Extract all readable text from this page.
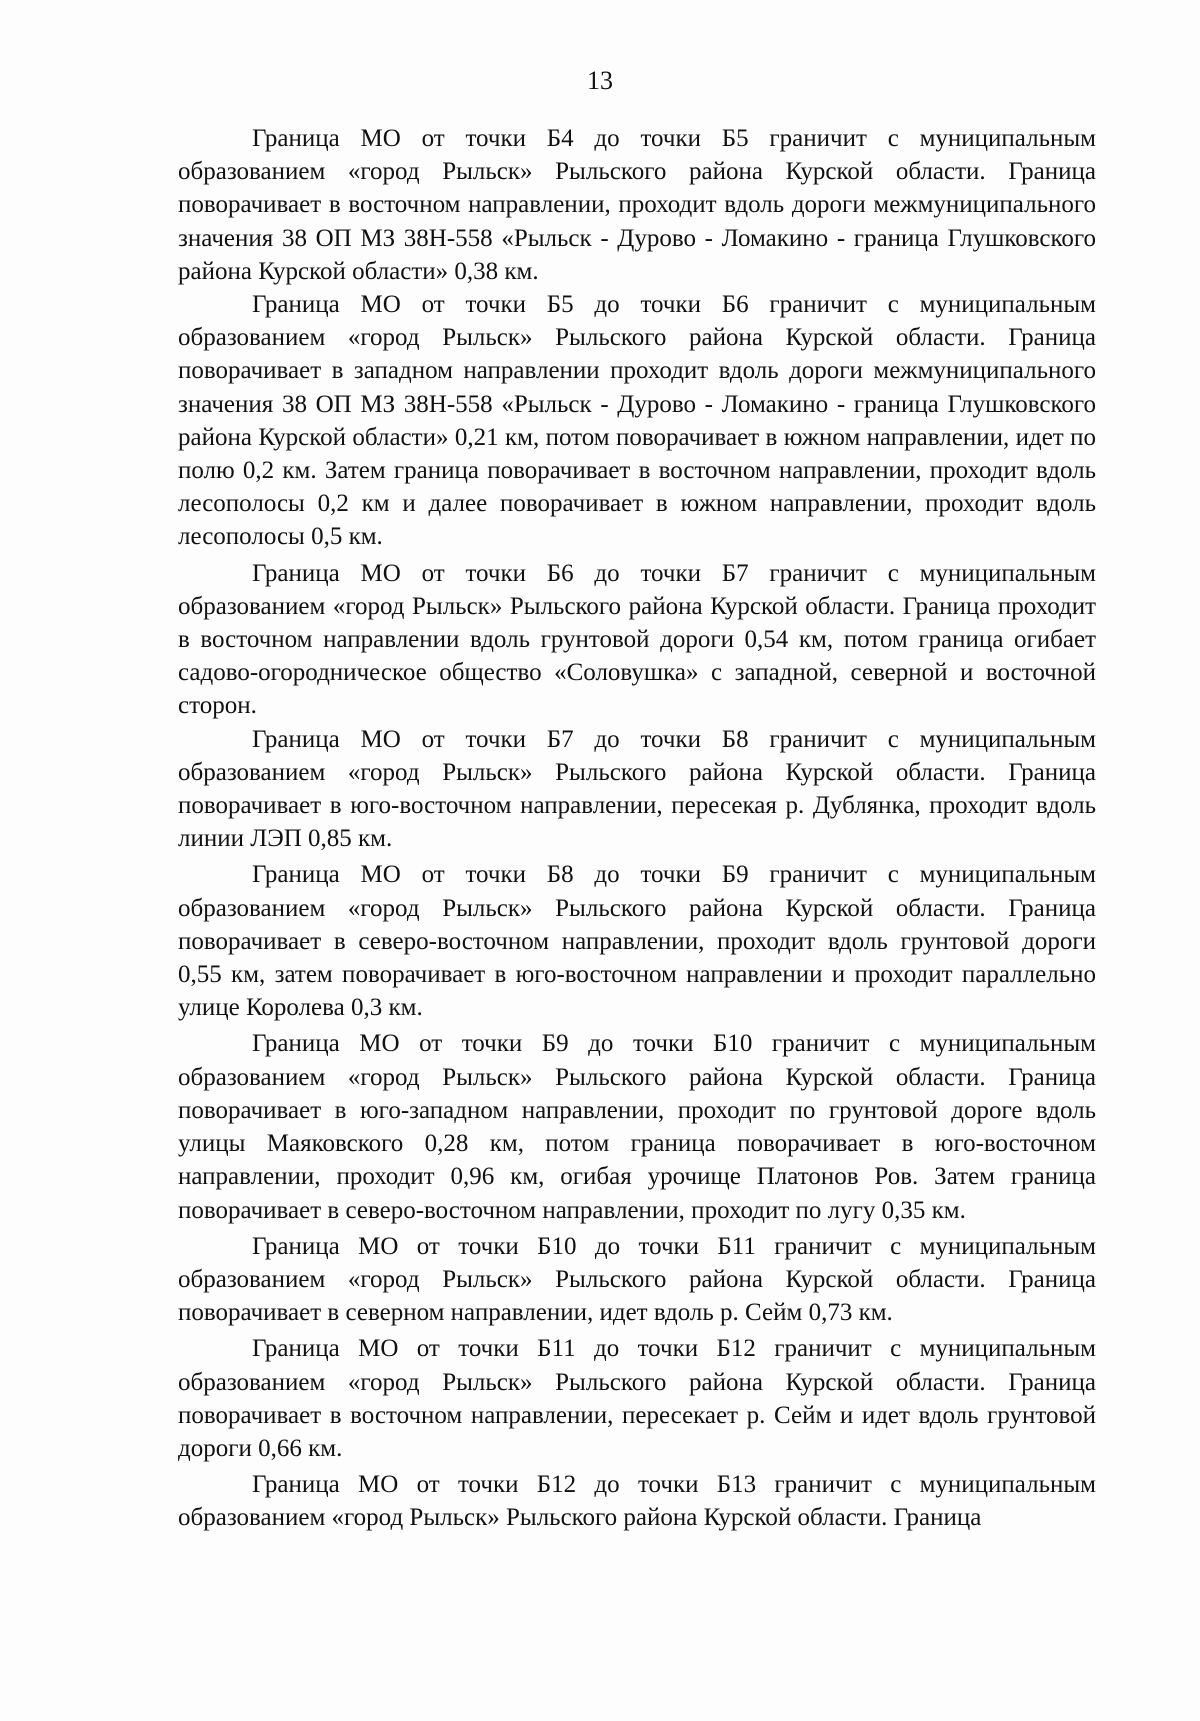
13

Граница МО от точки Б4 до точки Б5 граничит с муниципальным образованием «город Рыльск» Рыльского района Курской области. Граница поворачивает в восточном направлении, проходит вдоль дороги межмуниципального значения 38 ОП МЗ 38Н-558 «Рыльск - Дурово - Ломакино - граница Глушковского района Курской области» 0,38 км.

Граница МО от точки Б5 до точки Б6 граничит с муниципальным образованием «город Рыльск» Рыльского района Курской области. Граница поворачивает в западном направлении проходит вдоль дороги межмуниципального значения 38 ОП МЗ 38Н-558 «Рыльск - Дурово - Ломакино - граница Глушковского района Курской области» 0,21 км, потом поворачивает в южном направлении, идет по полю 0,2 км. Затем граница поворачивает в восточном направлении, проходит вдоль лесополосы 0,2 км и далее поворачивает в южном направлении, проходит вдоль лесополосы 0,5 км.

Граница МО от точки Б6 до точки Б7 граничит с муниципальным образованием «город Рыльск» Рыльского района Курской области. Граница проходит в восточном направлении вдоль грунтовой дороги 0,54 км, потом граница огибает садово-огородническое общество «Соловушка» с западной, северной и восточной сторон.

Граница МО от точки Б7 до точки Б8 граничит с муниципальным образованием «город Рыльск» Рыльского района Курской области. Граница поворачивает в юго-восточном направлении, пересекая р. Дублянка, проходит вдоль линии ЛЭП 0,85 км.

Граница МО от точки Б8 до точки Б9 граничит с муниципальным образованием «город Рыльск» Рыльского района Курской области. Граница поворачивает в северо-восточном направлении, проходит вдоль грунтовой дороги 0,55 км, затем поворачивает в юго-восточном направлении и проходит параллельно улице Королева 0,3 км.

Граница МО от точки Б9 до точки Б10 граничит с муниципальным образованием «город Рыльск» Рыльского района Курской области. Граница поворачивает в юго-западном направлении, проходит по грунтовой дороге вдоль улицы Маяковского 0,28 км, потом граница поворачивает в юго-восточном направлении, проходит 0,96 км, огибая урочище Платонов Ров. Затем граница поворачивает в северо-восточном направлении, проходит по лугу 0,35 км.

Граница МО от точки Б10 до точки Б11 граничит с муниципальным образованием «город Рыльск» Рыльского района Курской области. Граница поворачивает в северном направлении, идет вдоль р. Сейм 0,73 км.

Граница МО от точки Б11 до точки Б12 граничит с муниципальным образованием «город Рыльск» Рыльского района Курской области. Граница поворачивает в восточном направлении, пересекает р. Сейм и идет вдоль грунтовой дороги 0,66 км.

Граница МО от точки Б12 до точки Б13 граничит с муниципальным образованием «город Рыльск» Рыльского района Курской области. Граница
